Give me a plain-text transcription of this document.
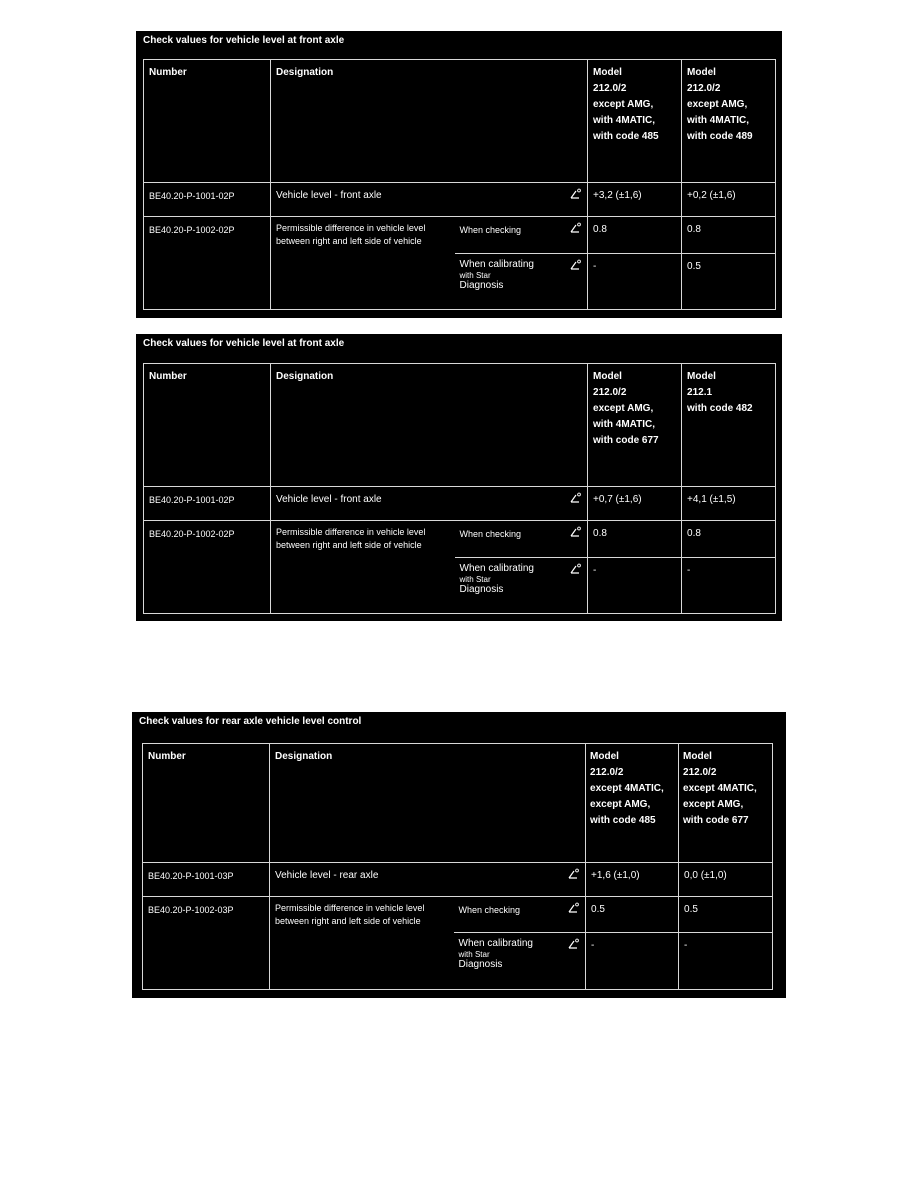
Check values for vehicle level at front axle
Number	Designation		Model
212.0/2
except AMG,
with 4MATIC,
with code 485	Model
212.0/2
except AMG,
with 4MATIC,
with code 489

BE40.20-P-1001-02P	Vehicle level - front axle		+3,2 (±1,6)	+0,2 (±1,6)
BE40.20-P-1002-02P	Permissible difference in vehicle level between right and left side of vehicle	When checking	0.8	0.8

		When calibrating
with Star
Diagnosis	-	0.5
Check values for vehicle level at front axle
Number	Designation		Model
212.0/2
except AMG,
with 4MATIC,
with code 677	Model
212.1
with code 482

BE40.20-P-1001-02P	Vehicle level - front axle		+0,7 (±1,6)	+4,1 (±1,5)
BE40.20-P-1002-02P	Permissible difference in vehicle level between right and left side of vehicle	When checking	0.8	0.8

		When calibrating
with Star
Diagnosis	-	-
Check values for rear axle vehicle level control
Number	Designation		Model
212.0/2
except 4MATIC,
except AMG,
with code 485	Model
212.0/2
except 4MATIC,
except AMG,
with code 677

BE40.20-P-1001-03P	Vehicle level - rear axle		+1,6 (±1,0)	0,0 (±1,0)
BE40.20-P-1002-03P	Permissible difference in vehicle level between right and left side of vehicle	When checking	0.5	0.5

		When calibrating
with Star
Diagnosis	-	-
